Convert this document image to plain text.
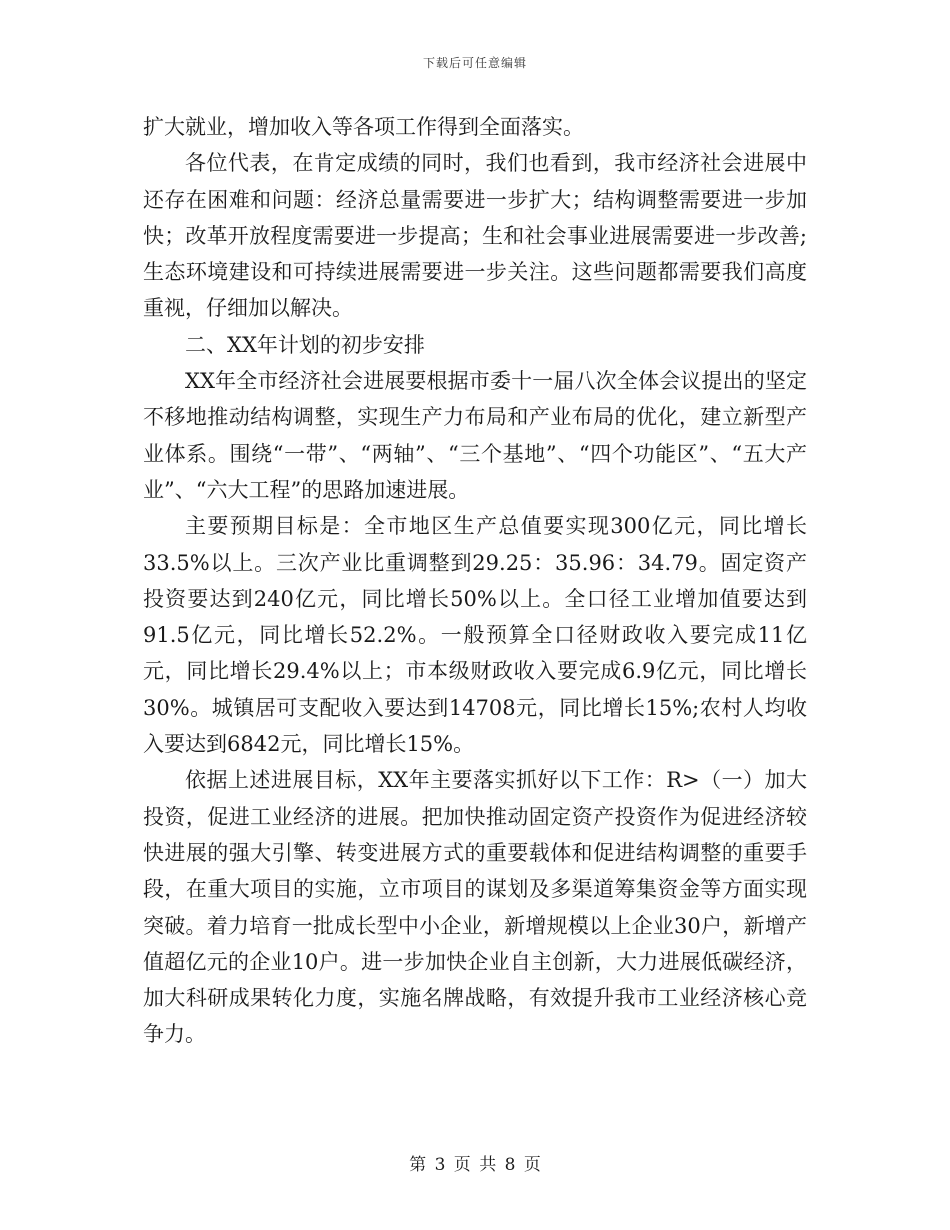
下载后可任意编辑

扩大就业，增加收入等各项工作得到全面落实。

各位代表，在肯定成绩的同时，我们也看到，我市经济社会进展中还存在困难和问题：经济总量需要进一步扩大；结构调整需要进一步加快；改革开放程度需要进一步提高；生和社会事业进展需要进一步改善;生态环境建设和可持续进展需要进一步关注。这些问题都需要我们高度重视，仔细加以解决。

二、XX年计划的初步安排

XX年全市经济社会进展要根据市委十一届八次全体会议提出的坚定不移地推动结构调整，实现生产力布局和产业布局的优化，建立新型产业体系。围绕“一带”、“两轴”、“三个基地”、“四个功能区”、“五大产业”、“六大工程”的思路加速进展。

主要预期目标是：全市地区生产总值要实现300亿元，同比增长33.5%以上。三次产业比重调整到29.25：35.96：34.79。固定资产投资要达到240亿元，同比增长50%以上。全口径工业增加值要达到91.5亿元，同比增长52.2%。一般预算全口径财政收入要完成11亿元，同比增长29.4%以上；市本级财政收入要完成6.9亿元，同比增长30%。城镇居可支配收入要达到14708元，同比增长15%;农村人均收入要达到6842元，同比增长15%。

依据上述进展目标，XX年主要落实抓好以下工作：R>（一）加大投资，促进工业经济的进展。把加快推动固定资产投资作为促进经济较快进展的强大引擎、转变进展方式的重要载体和促进结构调整的重要手段，在重大项目的实施，立市项目的谋划及多渠道筹集资金等方面实现突破。着力培育一批成长型中小企业，新增规模以上企业30户，新增产值超亿元的企业10户。进一步加快企业自主创新，大力进展低碳经济，加大科研成果转化力度，实施名牌战略，有效提升我市工业经济核心竞争力。

第 3 页 共 8 页
